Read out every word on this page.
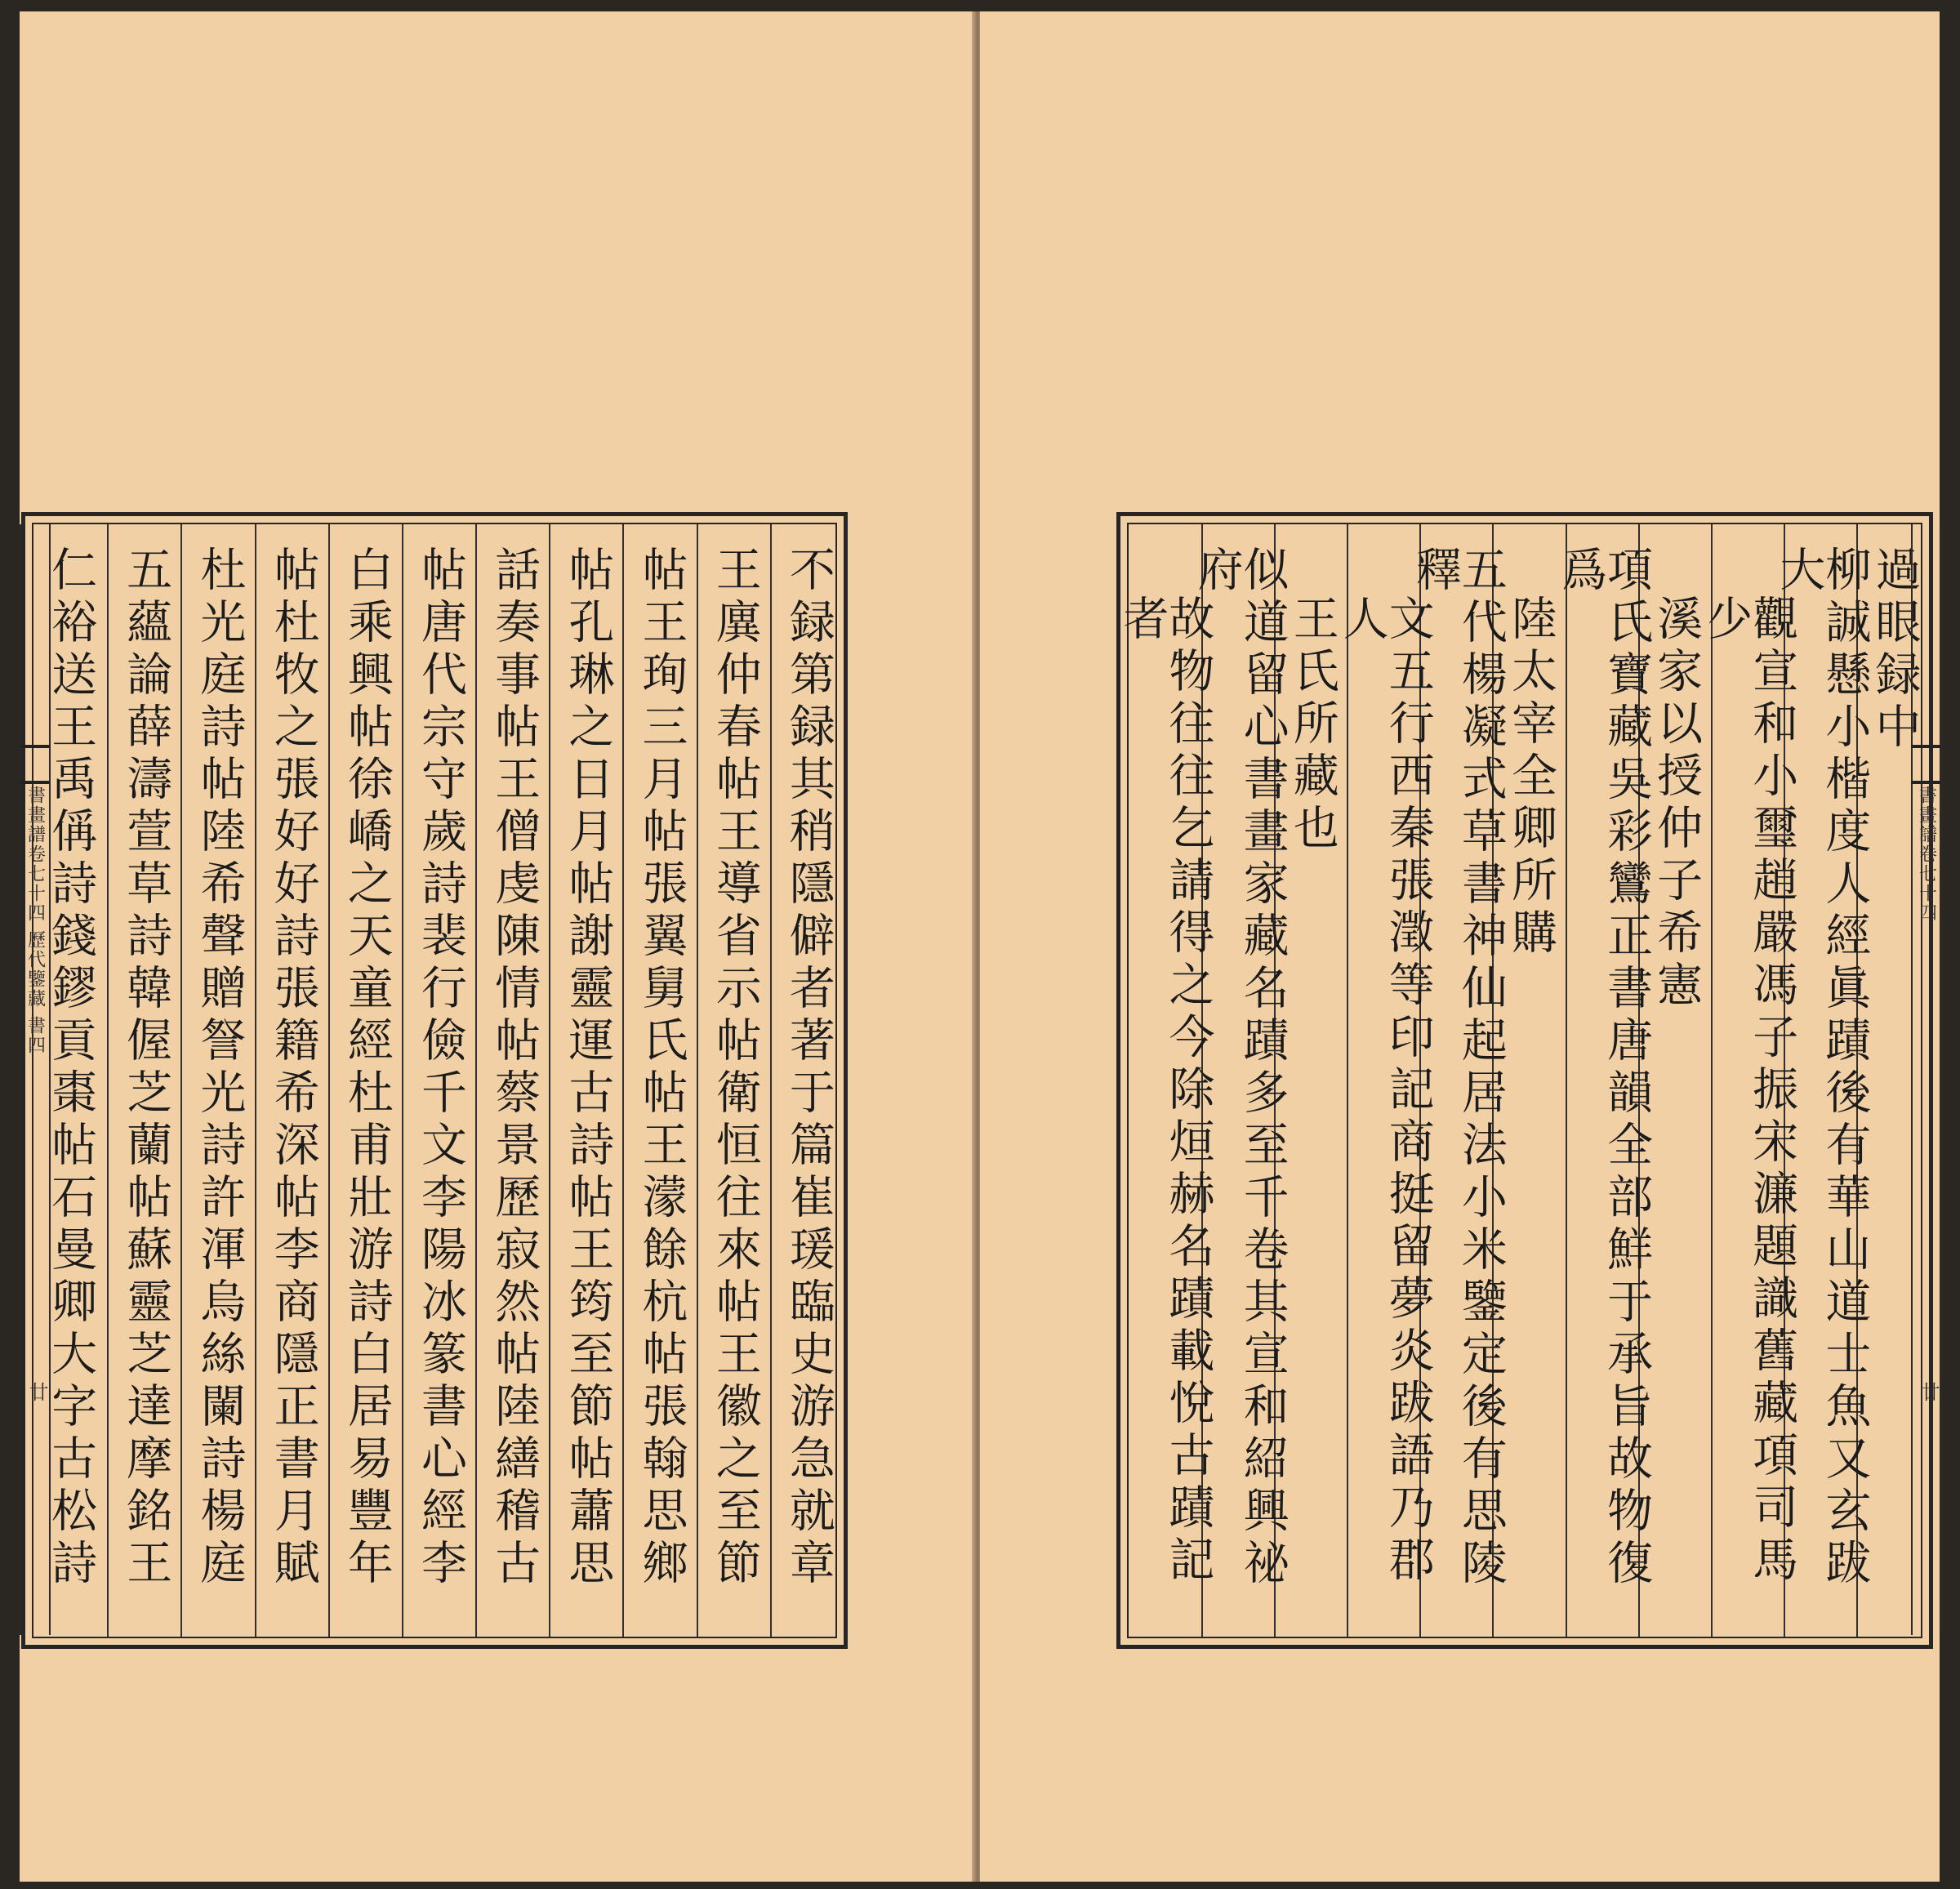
不録第録其稍隱僻者著于篇崔瑗臨史游急就章
王廙仲春帖王導省示帖衛恒往來帖王徽之至節
帖王珣三月帖張翼舅氏帖王濛餘杭帖張翰思鄉
帖孔琳之日月帖謝靈運古詩帖王筠至節帖蕭思
話奏事帖王僧虔陳情帖蔡景歷寂然帖陸繕稽古
帖唐代宗守歲詩裴行儉千文李陽冰篆書心經李
白乘興帖徐嶠之天童經杜甫壯游詩白居易豐年
帖杜牧之張好好詩張籍希深帖李商隱正書月賦
杜光庭詩帖陸希聲贈詧光詩許渾烏絲闌詩楊庭
五蘊論薛濤萱草詩韓偓芝蘭帖蘇靈芝達摩銘王
仁裕送王禹偁詩錢鏐貢棗帖石曼卿大字古松詩
書畫譜卷七十四 歷代鑒藏 書四
廿
過眼録中
柳誠懸小楷度人經眞蹟後有華山道士魚又玄跋大
觀宣和小璽趙嚴馮子振宋濂題識舊藏項司馬少
溪家以授仲子希憲
項氏寶藏吳彩鸞正書唐韻全部鮮于承旨故物復爲
陸太宰全卿所購
五代楊凝式草書神仙起居法小米鑒定後有思陵釋
文五行西秦張澂等印記商挺留夢炎跋語乃郡人
王氏所藏也
似道留心書畫家藏名蹟多至千卷其宣和紹興祕府
故物往往乞請得之今除烜赫名蹟載悅古蹟記者
書畫譜卷七十四
廿
